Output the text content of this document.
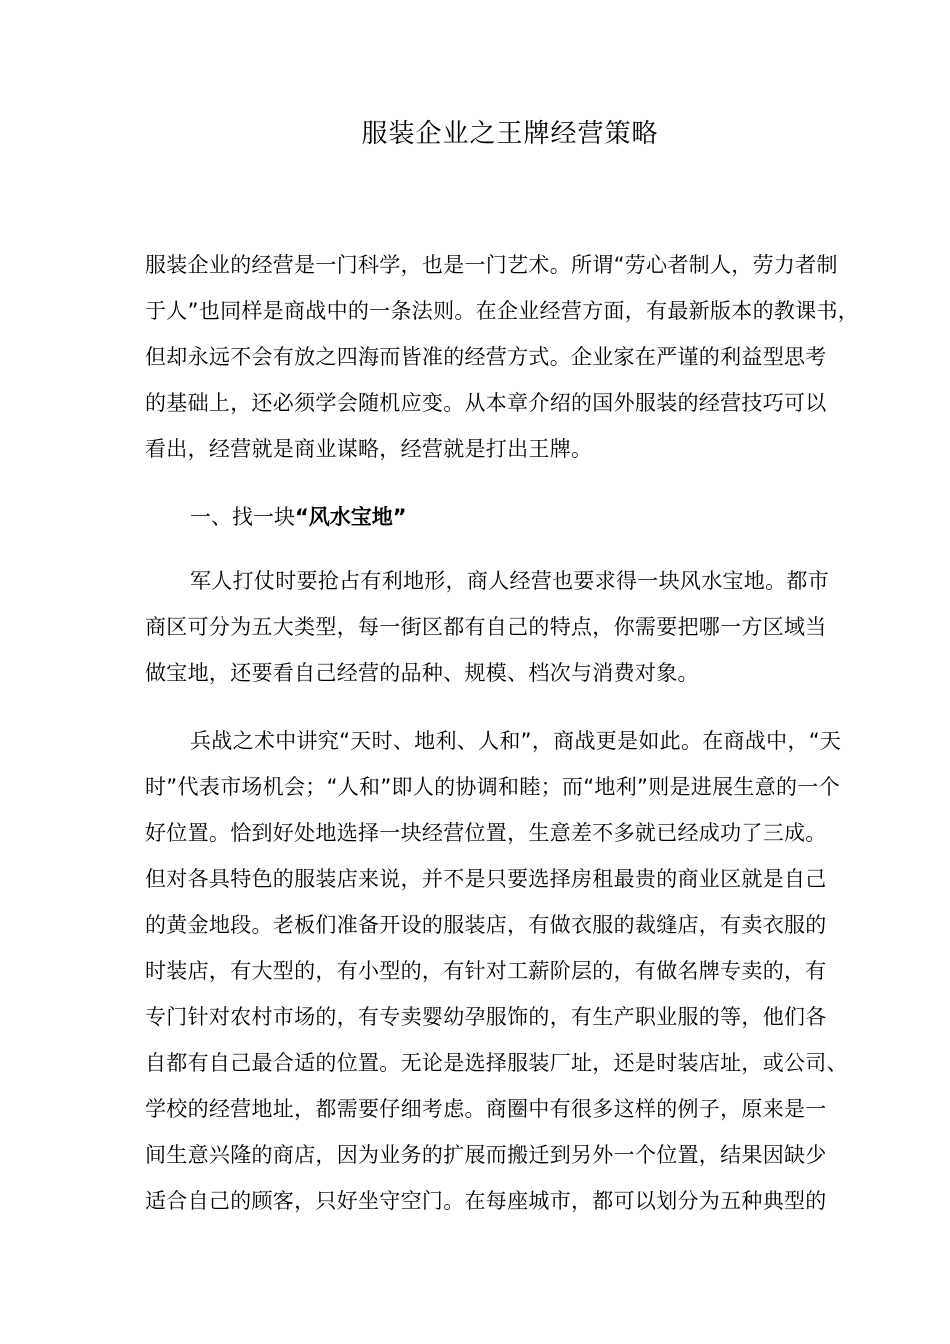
服装企业之王牌经营策略
服装企业的经营是一门科学，也是一门艺术。所谓“劳心者制人，劳力者制
于人”也同样是商战中的一条法则。在企业经营方面，有最新版本的教课书，
但却永远不会有放之四海而皆准的经营方式。企业家在严谨的利益型思考
的基础上，还必须学会随机应变。从本章介绍的国外服装的经营技巧可以
看出，经营就是商业谋略，经营就是打出王牌。
一、找一块“风水宝地”
军人打仗时要抢占有利地形，商人经营也要求得一块风水宝地。都市
商区可分为五大类型，每一街区都有自己的特点，你需要把哪一方区域当
做宝地，还要看自己经营的品种、规模、档次与消费对象。
兵战之术中讲究“天时、地利、人和”，商战更是如此。在商战中，“天
时”代表市场机会；“人和”即人的协调和睦；而“地利”则是进展生意的一个
好位置。恰到好处地选择一块经营位置，生意差不多就已经成功了三成。
但对各具特色的服装店来说，并不是只要选择房租最贵的商业区就是自己
的黄金地段。老板们准备开设的服装店，有做衣服的裁缝店，有卖衣服的
时装店，有大型的，有小型的，有针对工薪阶层的，有做名牌专卖的，有
专门针对农村市场的，有专卖婴幼孕服饰的，有生产职业服的等，他们各
自都有自己最合适的位置。无论是选择服装厂址，还是时装店址，或公司、
学校的经营地址，都需要仔细考虑。商圈中有很多这样的例子，原来是一
间生意兴隆的商店，因为业务的扩展而搬迁到另外一个位置，结果因缺少
适合自己的顾客，只好坐守空门。在每座城市，都可以划分为五种典型的
